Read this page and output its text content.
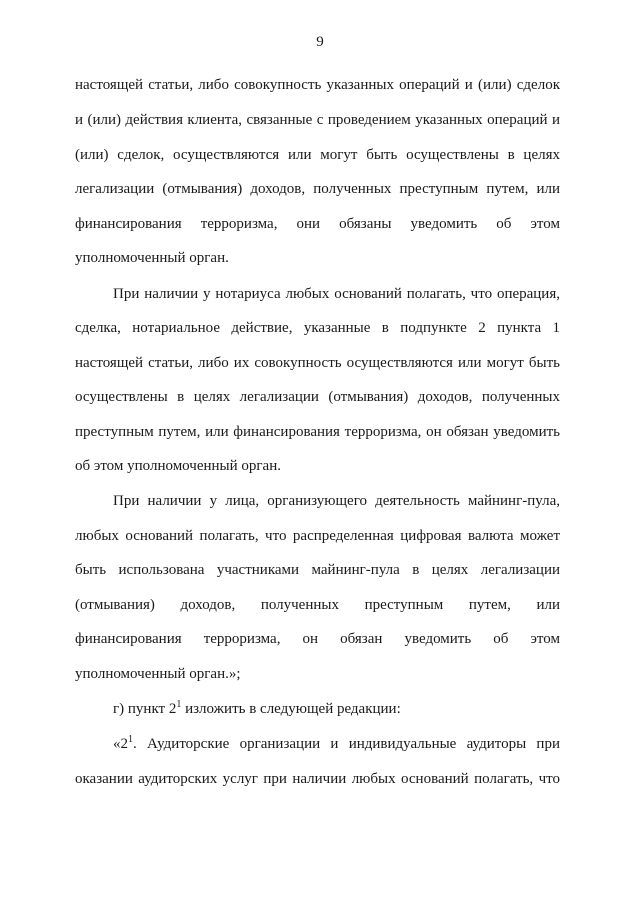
9
настоящей статьи, либо совокупность указанных операций и (или) сделок
и (или) действия клиента, связанные с проведением указанных операций и
(или) сделок, осуществляются или могут быть осуществлены в целях
легализации (отмывания) доходов, полученных преступным путем, или
финансирования терроризма, они обязаны уведомить об этом
уполномоченный орган.
При наличии у нотариуса любых оснований полагать, что операция,
сделка, нотариальное действие, указанные в подпункте 2 пункта 1
настоящей статьи, либо их совокупность осуществляются или могут быть
осуществлены в целях легализации (отмывания) доходов, полученных
преступным путем, или финансирования терроризма, он обязан уведомить
об этом уполномоченный орган.
При наличии у лица, организующего деятельность майнинг-пула,
любых оснований полагать, что распределенная цифровая валюта может
быть использована участниками майнинг-пула в целях легализации
(отмывания) доходов, полученных преступным путем, или
финансирования терроризма, он обязан уведомить об этом
уполномоченный орган.»;
г) пункт $2^1$ изложить в следующей редакции:
«$2^1$. Аудиторские организации и индивидуальные аудиторы при
оказании аудиторских услуг при наличии любых оснований полагать, что
